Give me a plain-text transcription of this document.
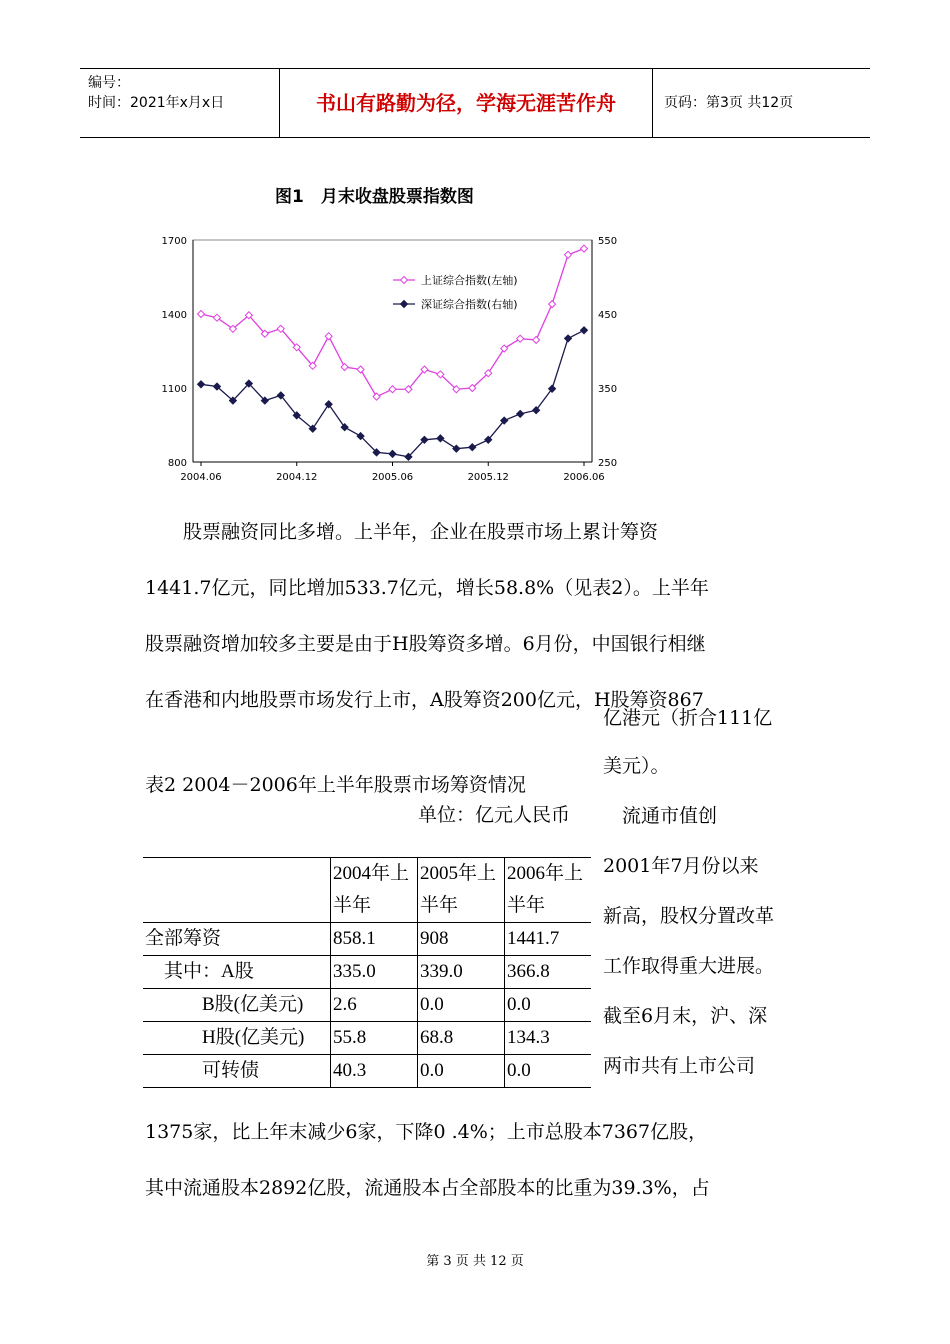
编号：
时间：2021年x月x日	书山有路勤为径，学海无涯苦作舟	页码：第3页 共12页
图1　月末收盘股票指数图
800
1100
1400
1700
250
350
450
550
2004.06	2004.12	2005.06	2005.12	2006.06
上证综合指数(左轴)
深证综合指数(右轴)
　　股票融资同比多增。上半年，企业在股票市场上累计筹资
1441.7亿元，同比增加533.7亿元，增长58.8%（见表2）。上半年
股票融资增加较多主要是由于H股筹资多增。6月份，中国银行相继
在香港和内地股票市场发行上市，A股筹资200亿元，H股筹资867
亿港元（折合111亿
美元）。
　流通市值创
2001年7月份以来
新高，股权分置改革
工作取得重大进展。
截至6月末，沪、深
两市共有上市公司
表2 2004－2006年上半年股票市场筹资情况
单位：亿元人民币
	2004年上半年	2005年上半年	2006年上半年
全部筹资	858.1	908	1441.7
　其中：A股	335.0	339.0	366.8
　　　B股(亿美元)	2.6	0.0	0.0
　　　H股(亿美元)	55.8	68.8	134.3
　　　可转债	40.3	0.0	0.0
1375家，比上年末减少6家，下降0 .4%；上市总股本7367亿股，
其中流通股本2892亿股，流通股本占全部股本的比重为39.3%，占
第 3 页 共 12 页
